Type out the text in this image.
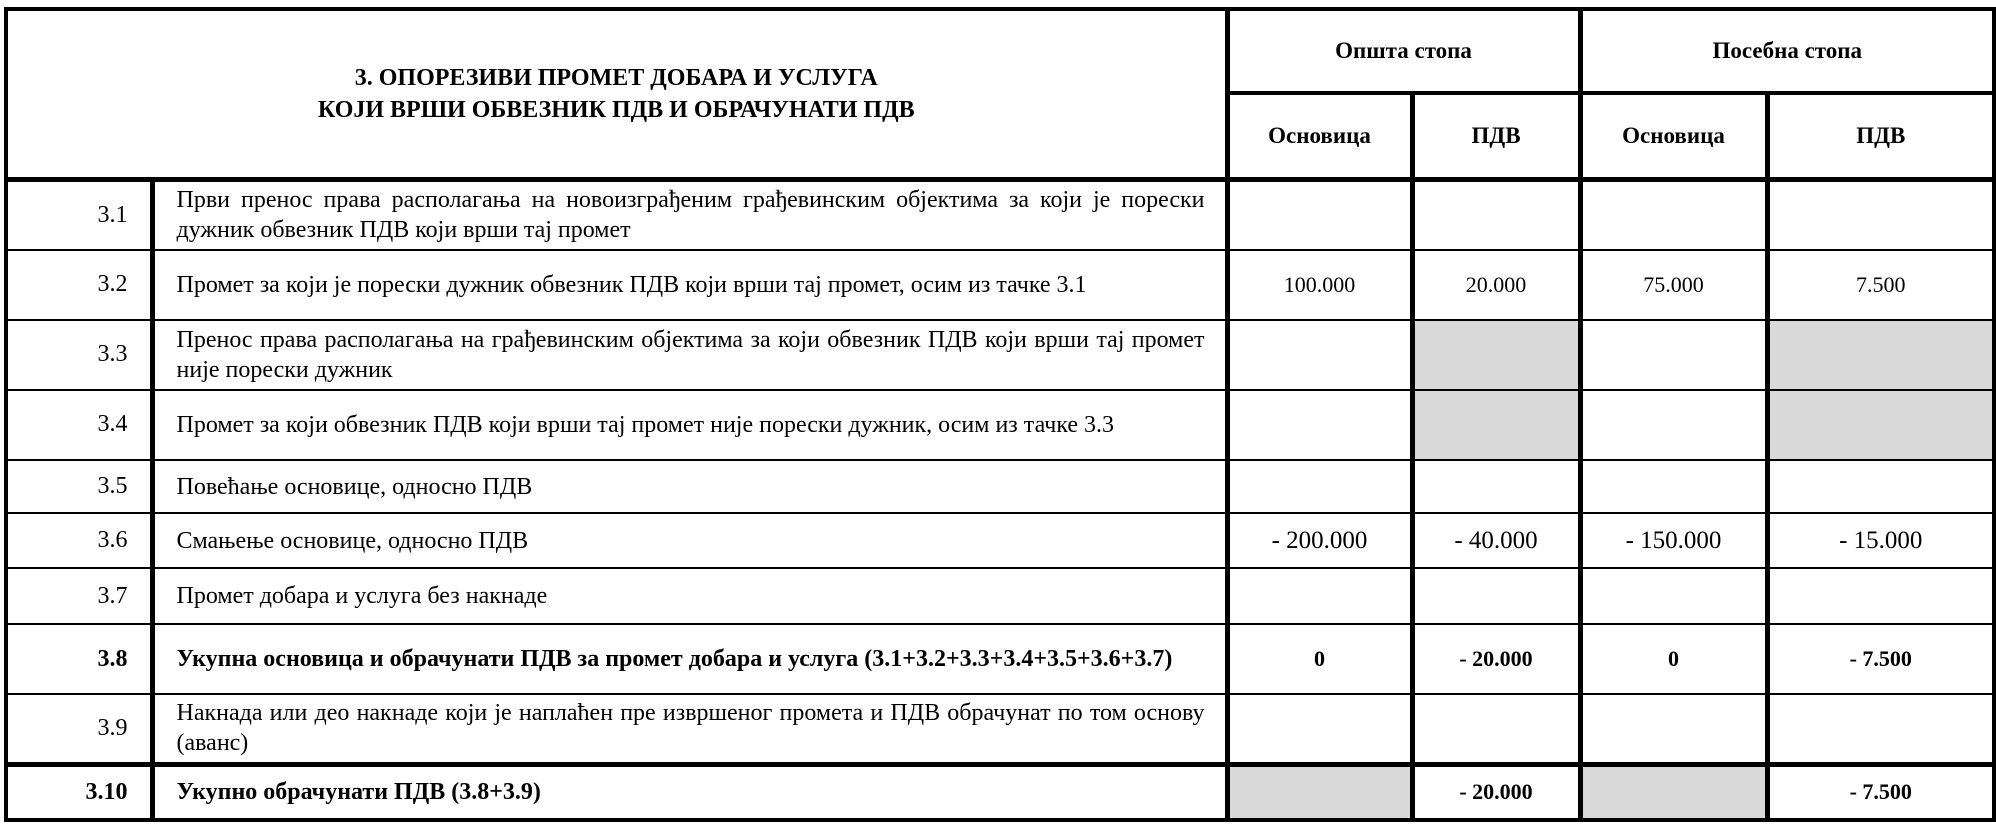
3. ОПОРЕЗИВИ ПРОМЕТ ДОБАРА И УСЛУГА
КОЈИ ВРШИ ОБВЕЗНИК ПДВ И ОБРАЧУНАТИ ПДВ		Општа стопа		Посебна стопа	
		Основица	ПДВ	Основица	ПДВ
3.1	Први пренос права располагања на новоизграђеним грађевинским објектима за који је порески дужник обвезник ПДВ који врши тај промет				
3.2	Промет за који је порески дужник обвезник ПДВ који врши тај промет, осим из тачке 3.1	100.000	20.000	75.000	7.500
3.3	Пренос права располагања на грађевинским објектима за који обвезник ПДВ који врши тај промет није порески дужник				
3.4	Промет за који обвезник ПДВ који врши тај промет није порески дужник, осим из тачке 3.3				
3.5	Повећање основице, односно ПДВ				
3.6	Смањење основице, односно ПДВ	- 200.000	- 40.000	- 150.000	- 15.000
3.7	Промет добара и услуга без накнаде				
3.8	Укупна основица и обрачунати ПДВ за промет добара и услуга (3.1+3.2+3.3+3.4+3.5+3.6+3.7)	0	- 20.000	0	- 7.500
3.9	Накнада или део накнаде који је наплаћен пре извршеног промета и ПДВ обрачунат по том основу (аванс)				
3.10	Укупно обрачунати ПДВ (3.8+3.9)		- 20.000		- 7.500
